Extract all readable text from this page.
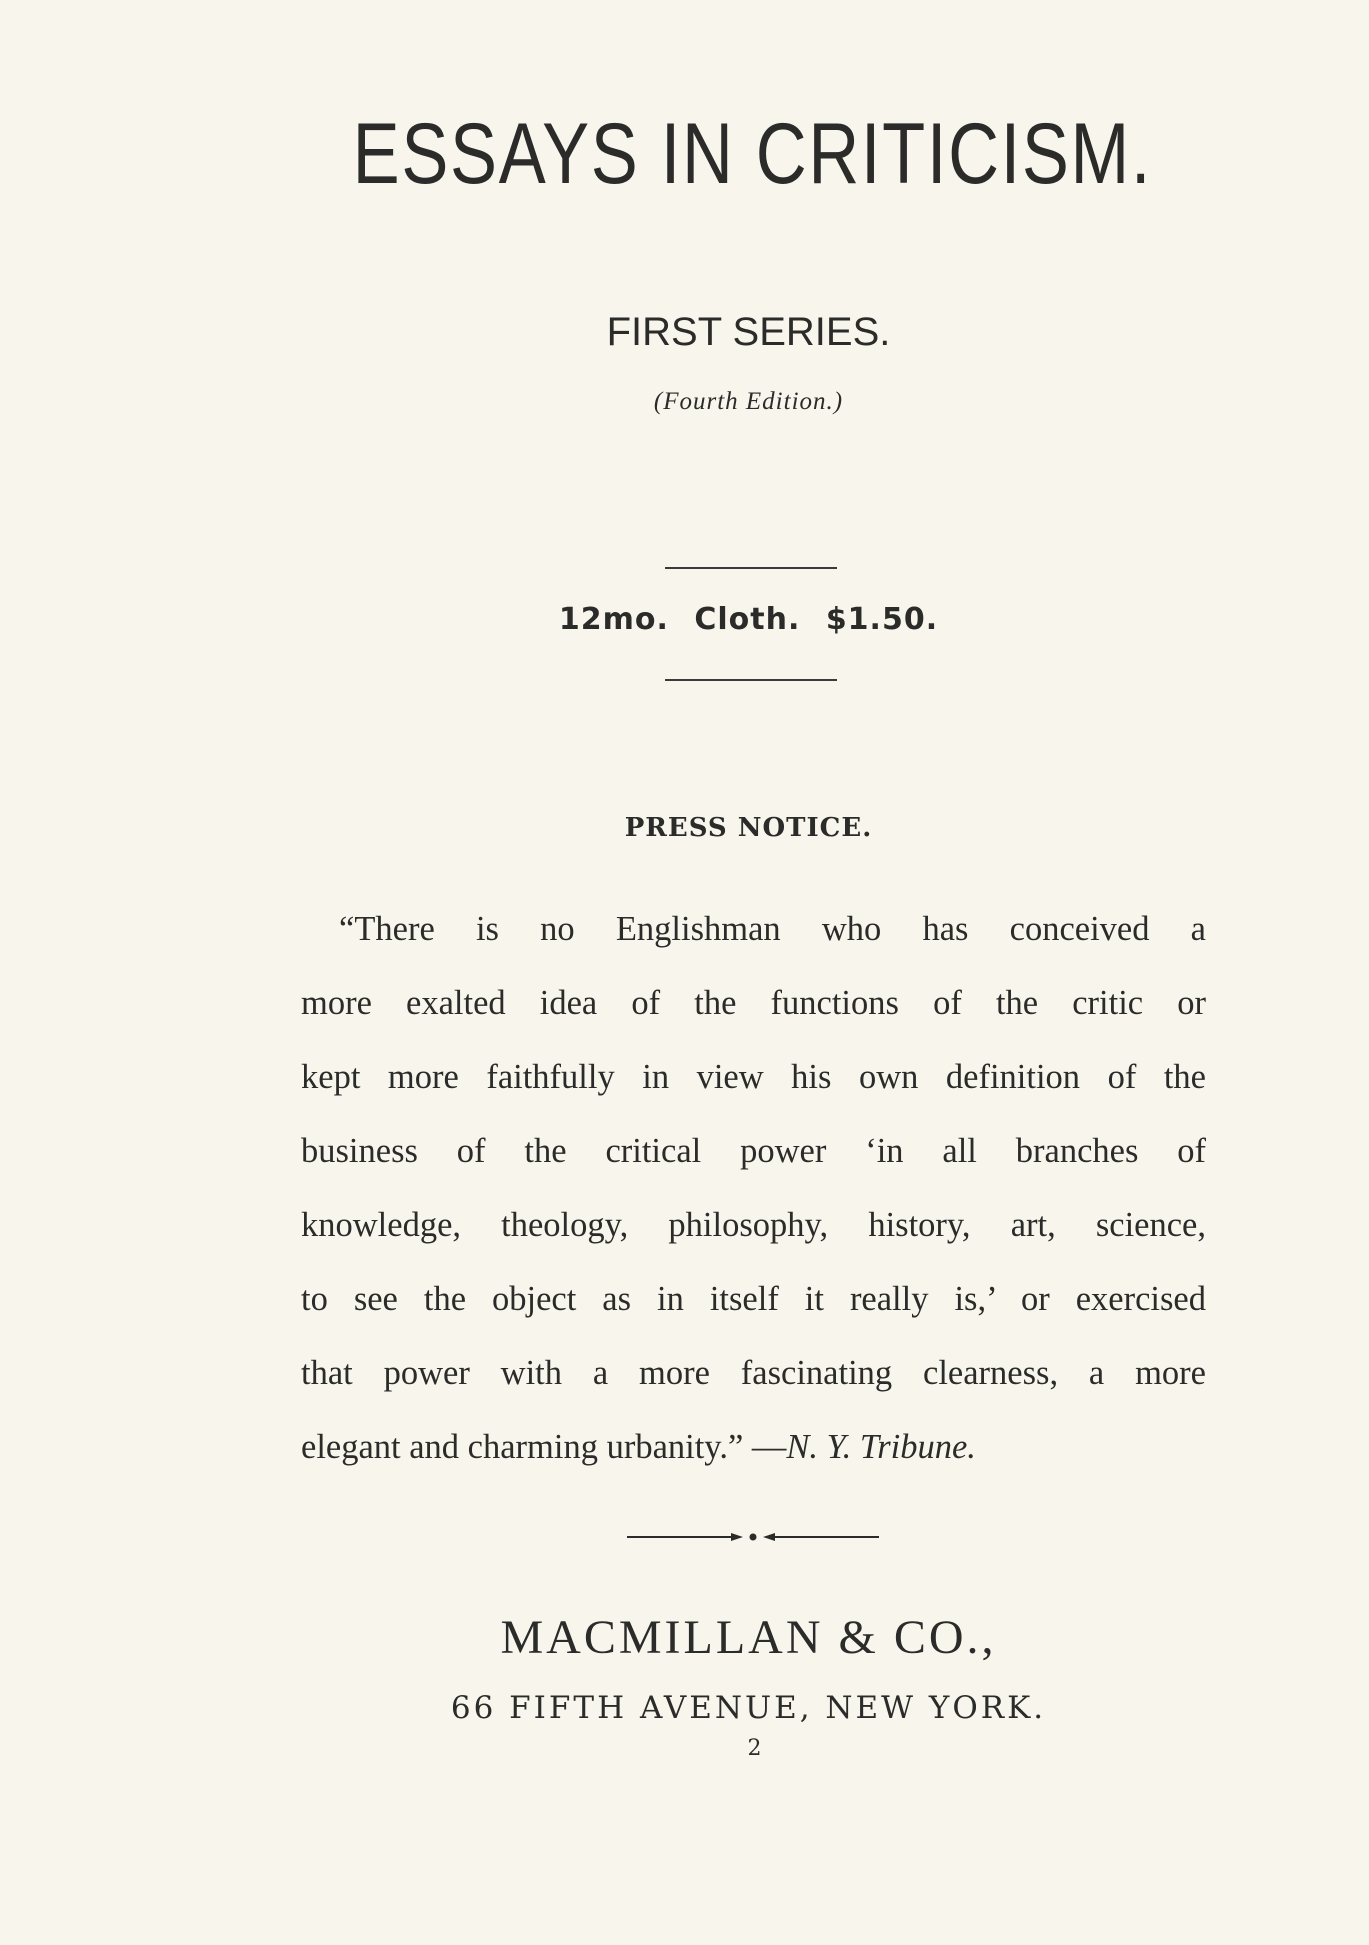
ESSAYS IN CRITICISM.
FIRST SERIES.
(Fourth Edition.)
12mo. Cloth. $1.50.
PRESS NOTICE.
“There is no Englishman who has conceived a
more exalted idea of the functions of the critic or
kept more faithfully in view his own definition of the
business of the critical power ‘in all branches of
knowledge, theology, philosophy, history, art, science,
to see the object as in itself it really is,’ or exercised
that power with a more fascinating clearness, a more
elegant and charming urbanity.” —N. Y. Tribune.
MACMILLAN & CO.,
66 FIFTH AVENUE, NEW YORK.
2
